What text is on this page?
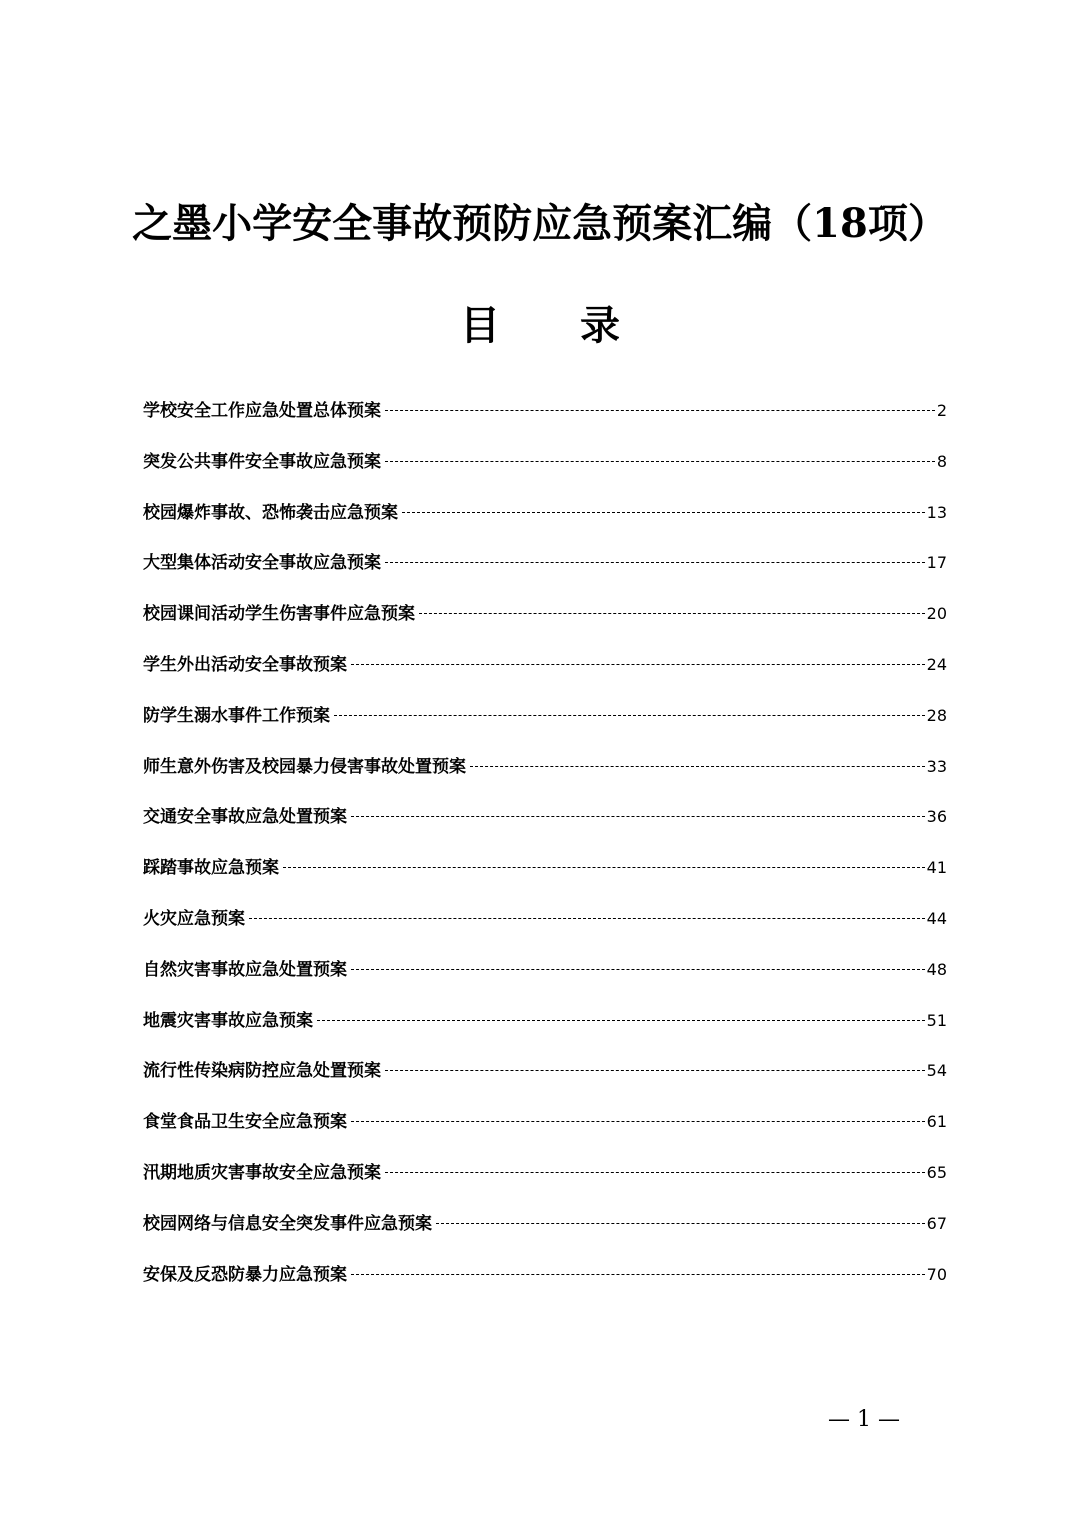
之墨小学安全事故预防应急预案汇编（18项）
目录
学校安全工作应急处置总体预案	2
突发公共事件安全事故应急预案	8
校园爆炸事故、恐怖袭击应急预案	13
大型集体活动安全事故应急预案	17
校园课间活动学生伤害事件应急预案	20
学生外出活动安全事故预案	24
防学生溺水事件工作预案	28
师生意外伤害及校园暴力侵害事故处置预案	33
交通安全事故应急处置预案	36
踩踏事故应急预案	41
火灾应急预案	44
自然灾害事故应急处置预案	48
地震灾害事故应急预案	51
流行性传染病防控应急处置预案	54
食堂食品卫生安全应急预案	61
汛期地质灾害事故安全应急预案	65
校园网络与信息安全突发事件应急预案	67
安保及反恐防暴力应急预案	70
— 1 —
